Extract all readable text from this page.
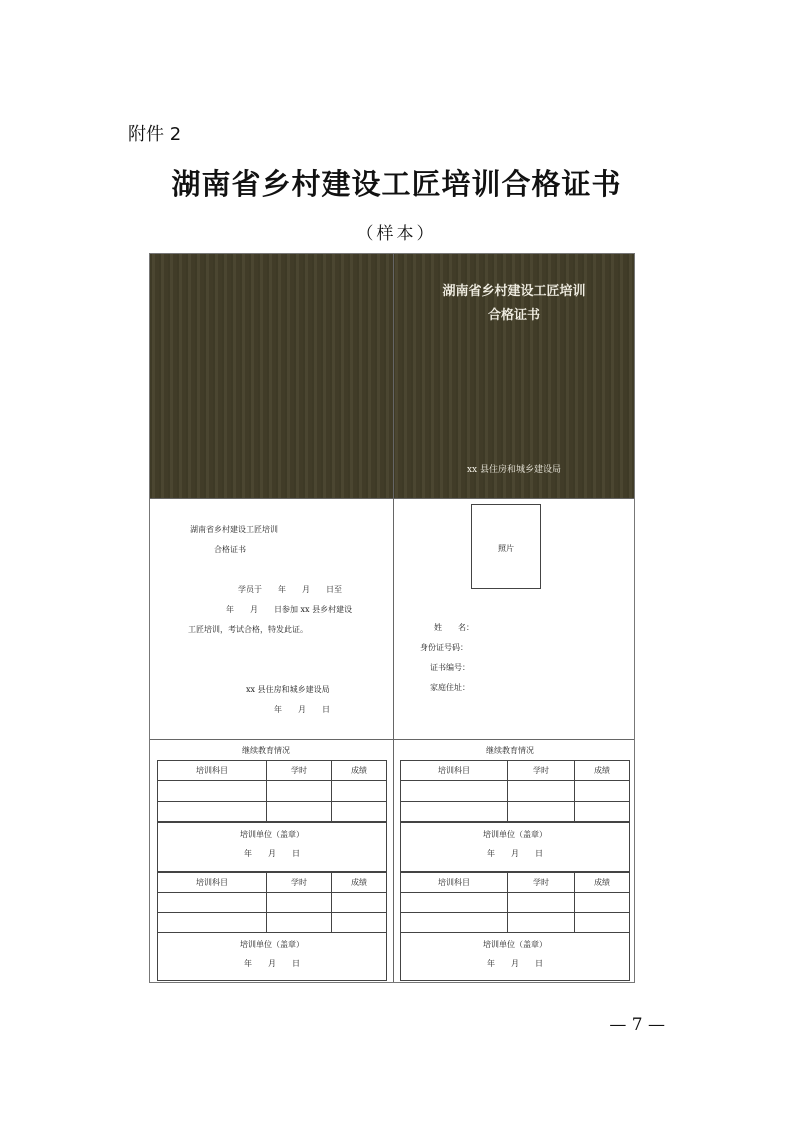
附件 2
湖南省乡村建设工匠培训合格证书
（样本）
湖南省乡村建设工匠培训
合格证书
xx 县住房和城乡建设局
湖南省乡村建设工匠培训
合格证书
学员于　　年　　月　　日至
年　　月　　日参加 xx 县乡村建设
工匠培训，考试合格，特发此证。
xx 县住房和城乡建设局
年　　月　　日
照片
姓　　名：
身份证号码：
证书编号：
家庭住址：
继续教育情况	继续教育情况
培训科目	学时	成绩

培训单位（盖章）
年　　月　　日
培训科目	学时	成绩

培训单位（盖章）
年　　月　　日
培训科目	学时	成绩

培训单位（盖章）
年　　月　　日
培训科目	学时	成绩

培训单位（盖章）
年　　月　　日
— 7 —
